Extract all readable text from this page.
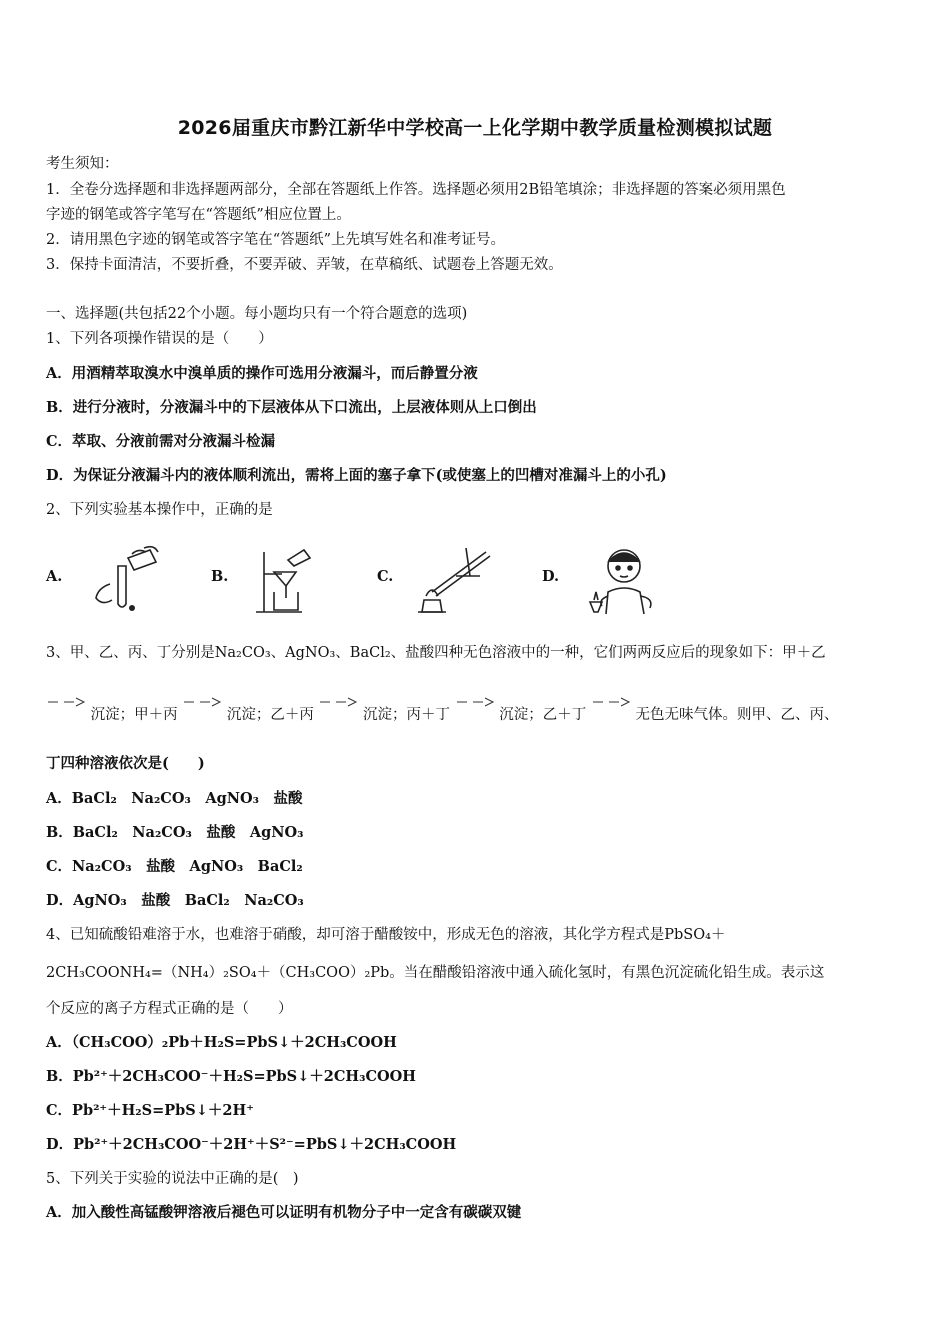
2026届重庆市黔江新华中学校高一上化学期中教学质量检测模拟试题
考生须知：
1．全卷分选择题和非选择题两部分，全部在答题纸上作答。选择题必须用2B铅笔填涂；非选择题的答案必须用黑色
字迹的钢笔或答字笔写在“答题纸”相应位置上。
2．请用黑色字迹的钢笔或答字笔在“答题纸”上先填写姓名和准考证号。
3．保持卡面清洁，不要折叠，不要弄破、弄皱，在草稿纸、试题卷上答题无效。
一、选择题(共包括22个小题。每小题均只有一个符合题意的选项)
1、下列各项操作错误的是（　　）
A．用酒精萃取溴水中溴单质的操作可选用分液漏斗，而后静置分液
B．进行分液时，分液漏斗中的下层液体从下口流出，上层液体则从上口倒出
C．萃取、分液前需对分液漏斗检漏
D．为保证分液漏斗内的液体顺利流出，需将上面的塞子拿下(或使塞上的凹槽对准漏斗上的小孔)
2、下列实验基本操作中，正确的是
A.	B.	C.	D.
3、甲、乙、丙、丁分别是Na₂CO₃、AgNO₃、BaCl₂、盐酸四种无色溶液中的一种，它们两两反应后的现象如下：甲＋乙
→ 沉淀；甲＋丙 → 沉淀；乙＋丙 → 沉淀；丙＋丁 → 沉淀；乙＋丁 → 无色无味气体。则甲、乙、丙、
丁四种溶液依次是(　　)
A．BaCl₂　Na₂CO₃　AgNO₃　盐酸
B．BaCl₂　Na₂CO₃　盐酸　AgNO₃
C．Na₂CO₃　盐酸　AgNO₃　BaCl₂
D．AgNO₃　盐酸　BaCl₂　Na₂CO₃
4、已知硫酸铅难溶于水，也难溶于硝酸，却可溶于醋酸铵中，形成无色的溶液，其化学方程式是PbSO₄＋
2CH₃COONH₄=（NH₄）₂SO₄＋（CH₃COO）₂Pb。当在醋酸铅溶液中通入硫化氢时，有黑色沉淀硫化铅生成。表示这
个反应的离子方程式正确的是（　　）
A．（CH₃COO）₂Pb＋H₂S=PbS↓＋2CH₃COOH
B．Pb²⁺＋2CH₃COO⁻＋H₂S=PbS↓＋2CH₃COOH
C．Pb²⁺＋H₂S=PbS↓＋2H⁺
D．Pb²⁺＋2CH₃COO⁻＋2H⁺＋S²⁻=PbS↓＋2CH₃COOH
5、下列关于实验的说法中正确的是(　)
A．加入酸性高锰酸钾溶液后褪色可以证明有机物分子中一定含有碳碳双键
